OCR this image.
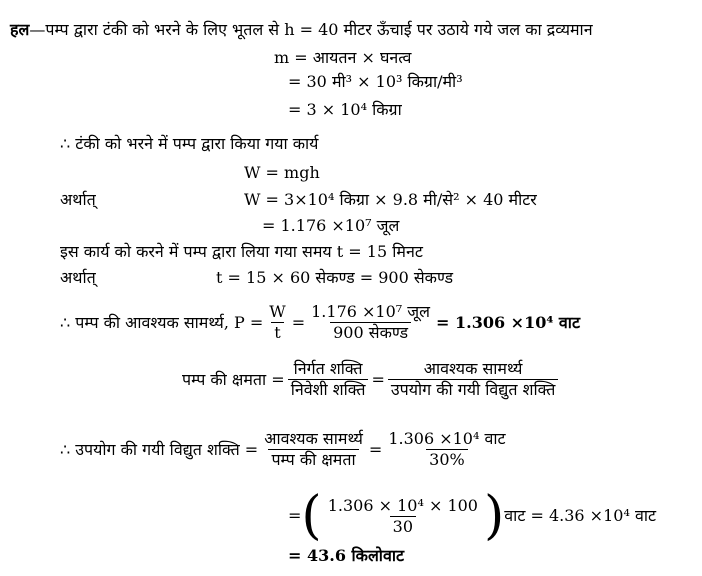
हल—पम्प द्वारा टंकी को भरने के लिए भूतल से h = 40 मीटर ऊँचाई पर उठाये गये जल का द्रव्यमान
m = आयतन × घनत्व
= 30 मी³ × 10³ किग्रा/मी³
= 3 × 10⁴ किग्रा
∴ टंकी को भरने में पम्प द्वारा किया गया कार्य
W = mgh
अर्थात्	W = 3×10⁴ किग्रा × 9.8 मी/से² × 40 मीटर
= 1.176 ×10⁷ जूल
इस कार्य को करने में पम्प द्वारा लिया गया समय t = 15 मिनट
अर्थात्	t = 15 × 60 सेकण्ड = 900 सेकण्ड
∴ पम्प की आवश्यक सामर्थ्य, $P = \frac{W}{t} = \frac{\text{1.176 ×10⁷ जूल}}{\text{900 सेकण्ड}} = 1.306 \times 10^4$ वाट
पम्प की क्षमता = $\frac{\text{निर्गत शक्ति}}{\text{निवेशी शक्ति}} = \frac{\text{आवश्यक सामर्थ्य}}{\text{उपयोग की गयी विद्युत शक्ति}}$
∴ उपयोग की गयी विद्युत शक्ति = $\frac{\text{आवश्यक सामर्थ्य}}{\text{पम्प की क्षमता}} = \frac{\text{1.306 ×10⁴ वाट}}{30\%}$
= ( $\frac{\text{1.306 × 10⁴ × 100}}{30}$ ) वाट = 4.36 ×10⁴ वाट
= 43.6 किलोवाट
